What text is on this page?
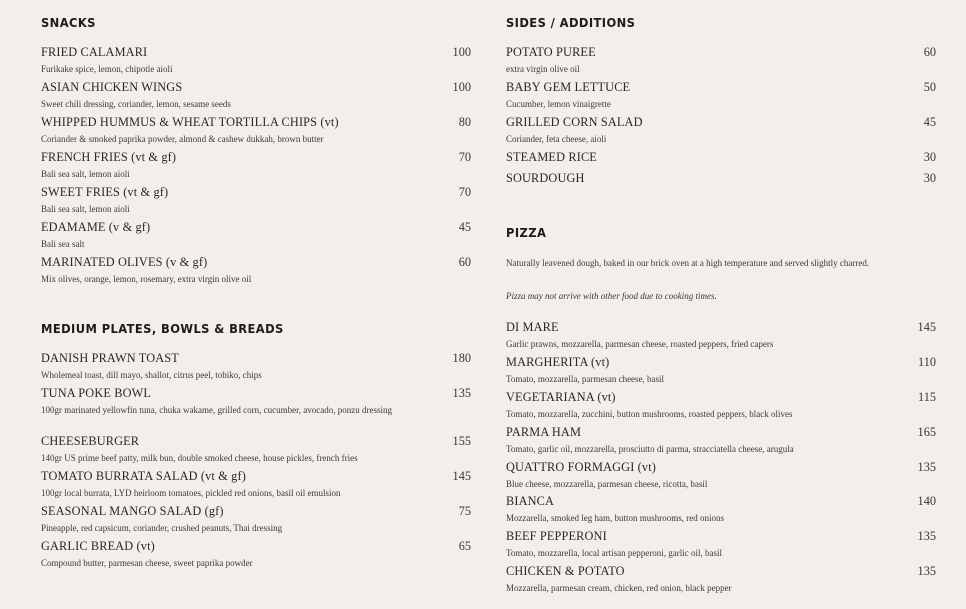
SNACKS
FRIED CALAMARI	100
Furikake spice, lemon, chipotle aioli
ASIAN CHICKEN WINGS	100
Sweet chili dressing, coriander, lemon, sesame seeds
WHIPPED HUMMUS & WHEAT TORTILLA CHIPS (vt)	80
Coriander & smoked paprika powder, almond & cashew dukkah, brown butter
FRENCH FRIES (vt & gf)	70
Bali sea salt, lemon aioli
SWEET FRIES (vt & gf)	70
Bali sea salt, lemon aioli
EDAMAME (v & gf)	45
Bali sea salt
MARINATED OLIVES (v & gf)	60
Mix olives, orange, lemon, rosemary, extra virgin olive oil
MEDIUM PLATES, BOWLS & BREADS
DANISH PRAWN TOAST	180
Wholemeal toast, dill mayo, shallot, citrus peel, tobiko, chips
TUNA POKE BOWL	135
100gr marinated yellowfin tuna, chuka wakame, grilled corn, cucumber, avocado, ponzu dressing
CHEESEBURGER	155
140gr US prime beef patty, milk bun, double smoked cheese, house pickles, french fries
TOMATO BURRATA SALAD (vt & gf)	145
100gr local burrata, LYD heirloom tomatoes, pickled red onions, basil oil emulsion
SEASONAL MANGO SALAD (gf)	75
Pineapple, red capsicum, coriander, crushed peanuts, Thai dressing
GARLIC BREAD (vt)	65
Compound butter, parmesan cheese, sweet paprika powder
SIDES / ADDITIONS
POTATO PUREE	60
extra virgin olive oil
BABY GEM LETTUCE	50
Cucumber, lemon vinaigrette
GRILLED CORN SALAD	45
Coriander, feta cheese, aioli
STEAMED RICE	30
SOURDOUGH	30
PIZZA
Naturally leavened dough, baked in our brick oven at a high temperature and served slightly charred.
Pizza may not arrive with other food due to cooking times.
DI MARE	145
Garlic prawns, mozzarella, parmesan cheese, roasted peppers, fried capers
MARGHERITA (vt)	110
Tomato, mozzarella, parmesan cheese, basil
VEGETARIANA (vt)	115
Tomato, mozzarella, zucchini, button mushrooms, roasted peppers, black olives
PARMA HAM	165
Tomato, garlic oil, mozzarella, prosciutto di parma, stracciatella cheese, arugula
QUATTRO FORMAGGI (vt)	135
Blue cheese, mozzarella, parmesan cheese, ricotta, basil
BIANCA	140
Mozzarella, smoked leg ham, button mushrooms, red onions
BEEF PEPPERONI	135
Tomato, mozzarella, local artisan pepperoni, garlic oil, basil
CHICKEN & POTATO	135
Mozzarella, parmesan cream, chicken, red onion, black pepper
